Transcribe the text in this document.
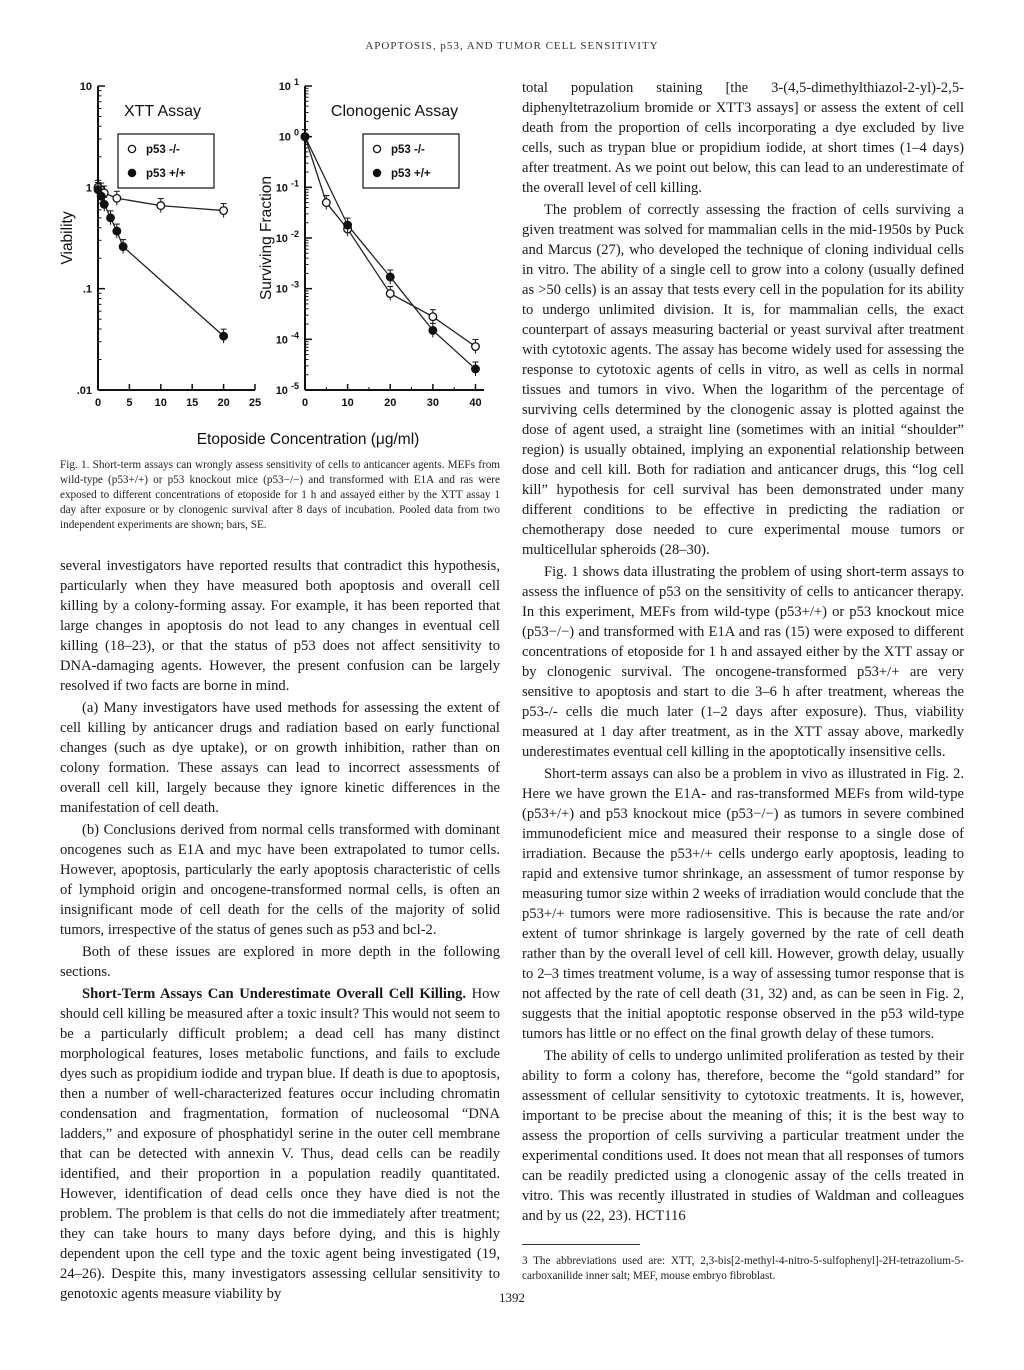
APOPTOSIS, p53, AND TUMOR CELL SENSITIVITY
0 5 10 15 20 25
.01
.1
1
10
XTT Assay
Viability
p53 -/-
p53 +/+
0	10	20	30	40
10 $^{-5}$
10 $^{-4}$
10 $^{-3}$
10 $^{-2}$
10 $^{-1}$
10 $^0$
10 $^1$
Clonogenic Assay
Surviving Fraction
p53 -/-
p53 +/+
Etoposide Concentration (μg/ml)
Fig. 1. Short-term assays can wrongly assess sensitivity of cells to anticancer agents. MEFs from wild-type (p53+/+) or p53 knockout mice (p53−/−) and transformed with E1A and ras were exposed to different concentrations of etoposide for 1 h and assayed either by the XTT assay 1 day after exposure or by clonogenic survival after 8 days of incubation. Pooled data from two independent experiments are shown; bars, SE.

several investigators have reported results that contradict this hypothesis, particularly when they have measured both apoptosis and overall cell killing by a colony-forming assay. For example, it has been reported that large changes in apoptosis do not lead to any changes in eventual cell killing (18–23), or that the status of p53 does not affect sensitivity to DNA-damaging agents. However, the present confusion can be largely resolved if two facts are borne in mind.

(a) Many investigators have used methods for assessing the extent of cell killing by anticancer drugs and radiation based on early functional changes (such as dye uptake), or on growth inhibition, rather than on colony formation. These assays can lead to incorrect assessments of overall cell kill, largely because they ignore kinetic differences in the manifestation of cell death.

(b) Conclusions derived from normal cells transformed with dominant oncogenes such as E1A and myc have been extrapolated to tumor cells. However, apoptosis, particularly the early apoptosis characteristic of cells of lymphoid origin and oncogene-transformed normal cells, is often an insignificant mode of cell death for the cells of the majority of solid tumors, irrespective of the status of genes such as p53 and bcl-2.

Both of these issues are explored in more depth in the following sections.

Short-Term Assays Can Underestimate Overall Cell Killing. How should cell killing be measured after a toxic insult? This would not seem to be a particularly difficult problem; a dead cell has many distinct morphological features, loses metabolic functions, and fails to exclude dyes such as propidium iodide and trypan blue. If death is due to apoptosis, then a number of well-characterized features occur including chromatin condensation and fragmentation, formation of nucleosomal “DNA ladders,” and exposure of phosphatidyl serine in the outer cell membrane that can be detected with annexin V. Thus, dead cells can be readily identified, and their proportion in a population readily quantitated. However, identification of dead cells once they have died is not the problem. The problem is that cells do not die immediately after treatment; they can take hours to many days before dying, and this is highly dependent upon the cell type and the toxic agent being investigated (19, 24–26). Despite this, many investigators assessing cellular sensitivity to genotoxic agents measure viability by

total population staining [the 3-(4,5-dimethylthiazol-2-yl)-2,5-diphenyltetrazolium bromide or XTT3 assays] or assess the extent of cell death from the proportion of cells incorporating a dye excluded by live cells, such as trypan blue or propidium iodide, at short times (1–4 days) after treatment. As we point out below, this can lead to an underestimate of the overall level of cell killing.

The problem of correctly assessing the fraction of cells surviving a given treatment was solved for mammalian cells in the mid-1950s by Puck and Marcus (27), who developed the technique of cloning individual cells in vitro. The ability of a single cell to grow into a colony (usually defined as >50 cells) is an assay that tests every cell in the population for its ability to undergo unlimited division. It is, for mammalian cells, the exact counterpart of assays measuring bacterial or yeast survival after treatment with cytotoxic agents. The assay has become widely used for assessing the response to cytotoxic agents of cells in vitro, as well as cells in normal tissues and tumors in vivo. When the logarithm of the percentage of surviving cells determined by the clonogenic assay is plotted against the dose of agent used, a straight line (sometimes with an initial “shoulder” region) is usually obtained, implying an exponential relationship between dose and cell kill. Both for radiation and anticancer drugs, this “log cell kill” hypothesis for cell survival has been demonstrated under many different conditions to be effective in predicting the radiation or chemotherapy dose needed to cure experimental mouse tumors or multicellular spheroids (28–30).

Fig. 1 shows data illustrating the problem of using short-term assays to assess the influence of p53 on the sensitivity of cells to anticancer therapy. In this experiment, MEFs from wild-type (p53+/+) or p53 knockout mice (p53−/−) and transformed with E1A and ras (15) were exposed to different concentrations of etoposide for 1 h and assayed either by the XTT assay or by clonogenic survival. The oncogene-transformed p53+/+ are very sensitive to apoptosis and start to die 3–6 h after treatment, whereas the p53-/- cells die much later (1–2 days after exposure). Thus, viability measured at 1 day after treatment, as in the XTT assay above, markedly underestimates eventual cell killing in the apoptotically insensitive cells.

Short-term assays can also be a problem in vivo as illustrated in Fig. 2. Here we have grown the E1A- and ras-transformed MEFs from wild-type (p53+/+) and p53 knockout mice (p53−/−) as tumors in severe combined immunodeficient mice and measured their response to a single dose of irradiation. Because the p53+/+ cells undergo early apoptosis, leading to rapid and extensive tumor shrinkage, an assessment of tumor response by measuring tumor size within 2 weeks of irradiation would conclude that the p53+/+ tumors were more radiosensitive. This is because the rate and/or extent of tumor shrinkage is largely governed by the rate of cell death rather than by the overall level of cell kill. However, growth delay, usually to 2–3 times treatment volume, is a way of assessing tumor response that is not affected by the rate of cell death (31, 32) and, as can be seen in Fig. 2, suggests that the initial apoptotic response observed in the p53 wild-type tumors has little or no effect on the final growth delay of these tumors.

The ability of cells to undergo unlimited proliferation as tested by their ability to form a colony has, therefore, become the “gold standard” for assessment of cellular sensitivity to cytotoxic treatments. It is, however, important to be precise about the meaning of this; it is the best way to assess the proportion of cells surviving a particular treatment under the experimental conditions used. It does not mean that all responses of tumors can be readily predicted using a clonogenic assay of the cells treated in vitro. This was recently illustrated in studies of Waldman and colleagues and by us (22, 23). HCT116

3 The abbreviations used are: XTT, 2,3-bis[2-methyl-4-nitro-5-sulfophenyl]-2H-tetrazolium-5-carboxanilide inner salt; MEF, mouse embryo fibroblast.
1392
